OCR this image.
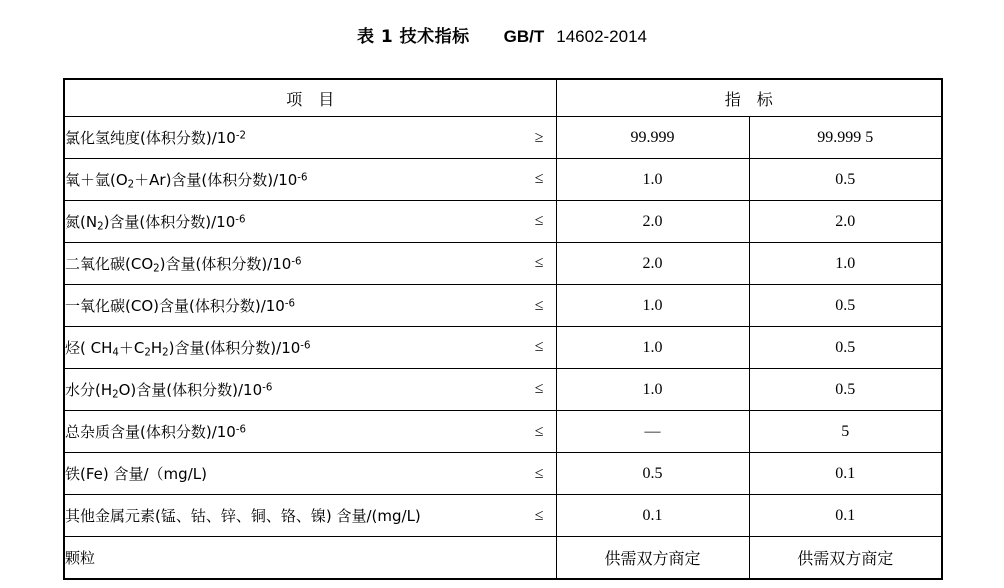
表 1 技术指标 GB/T 14602-2014
项　目	指　标	

氯化氢纯度(体积分数)$/10^{-2}$ ≥	99.999	99.999 5

氧＋氩$(O_2+Ar)$含量(体积分数)$/10^{-6}$ ≤	1.0	0.5

氮$(N_2)$含量(体积分数)$/10^{-6}$ ≤	2.0	2.0

二氧化碳$(CO_2)$含量(体积分数)$/10^{-6}$ ≤	2.0	1.0

一氧化碳(CO)含量(体积分数)$/10^{-6}$ ≤	1.0	0.5

烃( $CH_4+C_2H_2$)含量(体积分数)$/10^{-6}$ ≤	1.0	0.5

水分$(H_2O)$含量(体积分数)$/10^{-6}$ ≤	1.0	0.5

总杂质含量(体积分数)$/10^{-6}$ ≤	—	5

铁(Fe) 含量/（mg/L) ≤	0.5	0.1

其他金属元素(锰、钴、锌、铜、铬、镍) 含量/(mg/L) ≤	0.1	0.1

颗粒	供需双方商定	供需双方商定
